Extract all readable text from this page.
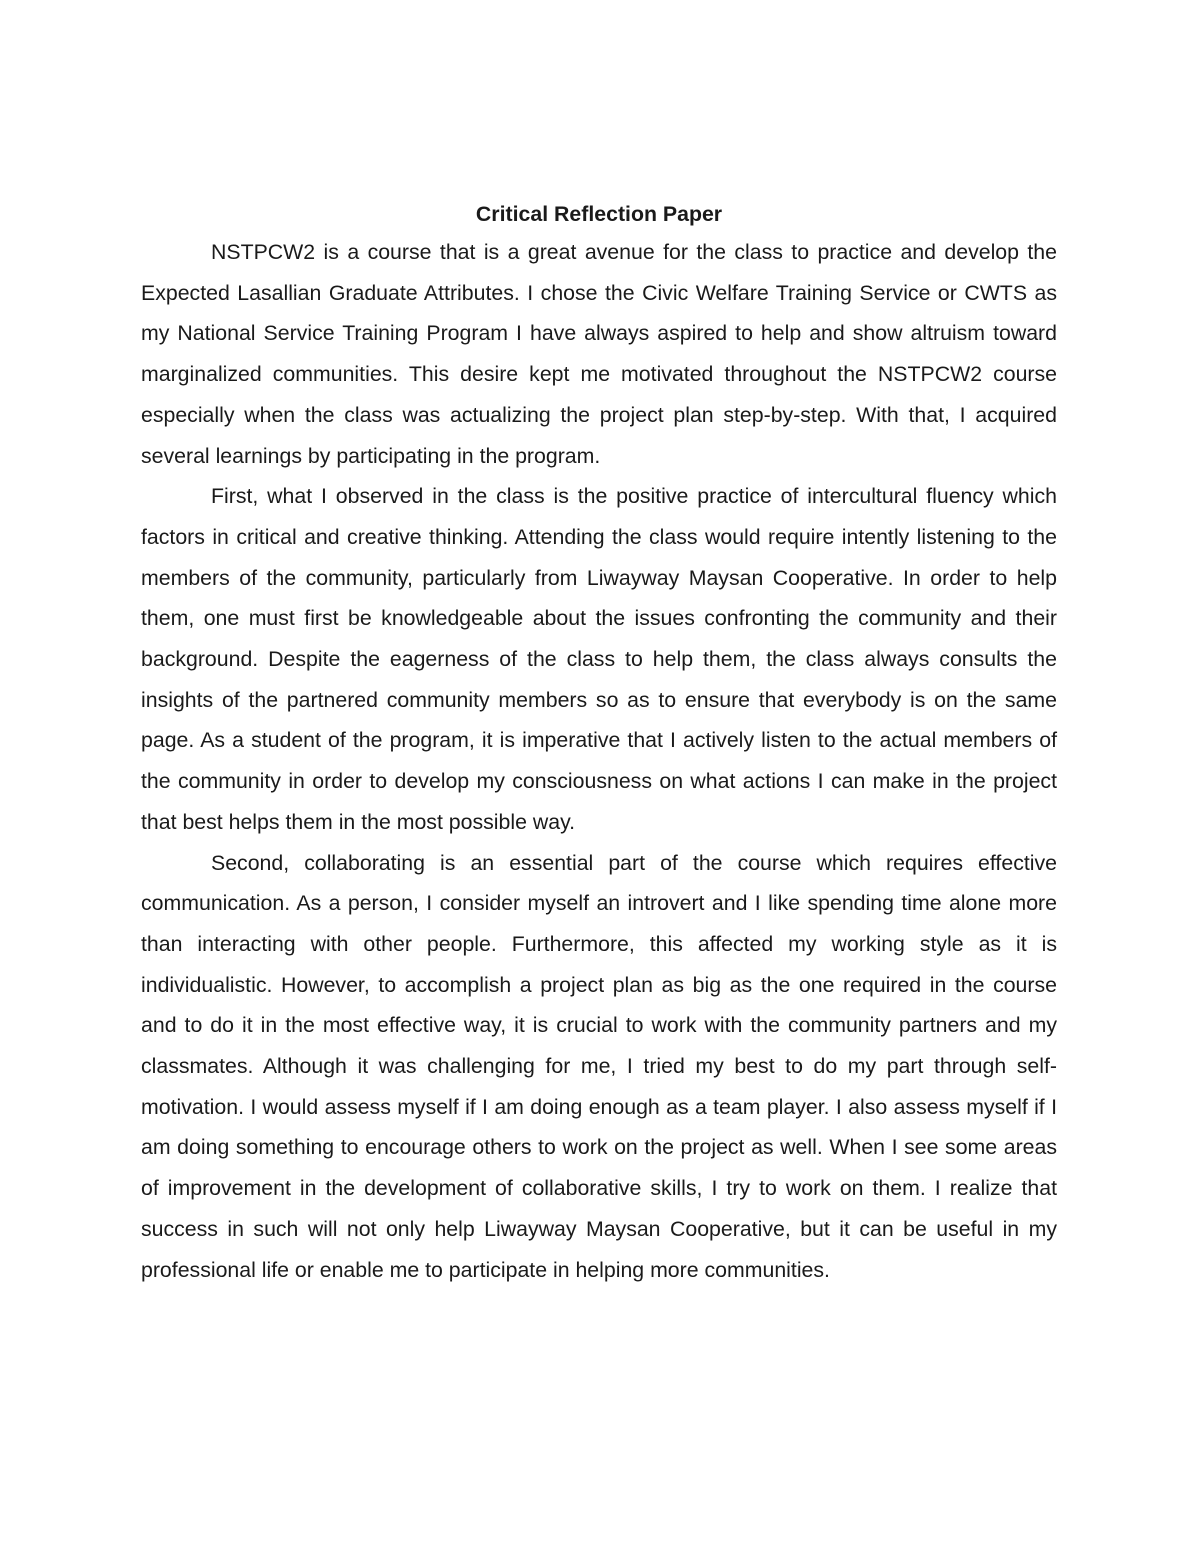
Critical Reflection Paper

NSTPCW2 is a course that is a great avenue for the class to practice and develop the Expected Lasallian Graduate Attributes. I chose the Civic Welfare Training Service or CWTS as my National Service Training Program I have always aspired to help and show altruism toward marginalized communities. This desire kept me motivated throughout the NSTPCW2 course especially when the class was actualizing the project plan step-by-step. With that, I acquired several learnings by participating in the program.

First, what I observed in the class is the positive practice of intercultural fluency which factors in critical and creative thinking. Attending the class would require intently listening to the members of the community, particularly from Liwayway Maysan Cooperative. In order to help them, one must first be knowledgeable about the issues confronting the community and their background. Despite the eagerness of the class to help them, the class always consults the insights of the partnered community members so as to ensure that everybody is on the same page. As a student of the program, it is imperative that I actively listen to the actual members of the community in order to develop my consciousness on what actions I can make in the project that best helps them in the most possible way.

Second, collaborating is an essential part of the course which requires effective communication. As a person, I consider myself an introvert and I like spending time alone more than interacting with other people. Furthermore, this affected my working style as it is individualistic. However, to accomplish a project plan as big as the one required in the course and to do it in the most effective way, it is crucial to work with the community partners and my classmates. Although it was challenging for me, I tried my best to do my part through self-motivation. I would assess myself if I am doing enough as a team player. I also assess myself if I am doing something to encourage others to work on the project as well. When I see some areas of improvement in the development of collaborative skills, I try to work on them. I realize that success in such will not only help Liwayway Maysan Cooperative, but it can be useful in my professional life or enable me to participate in helping more communities.
